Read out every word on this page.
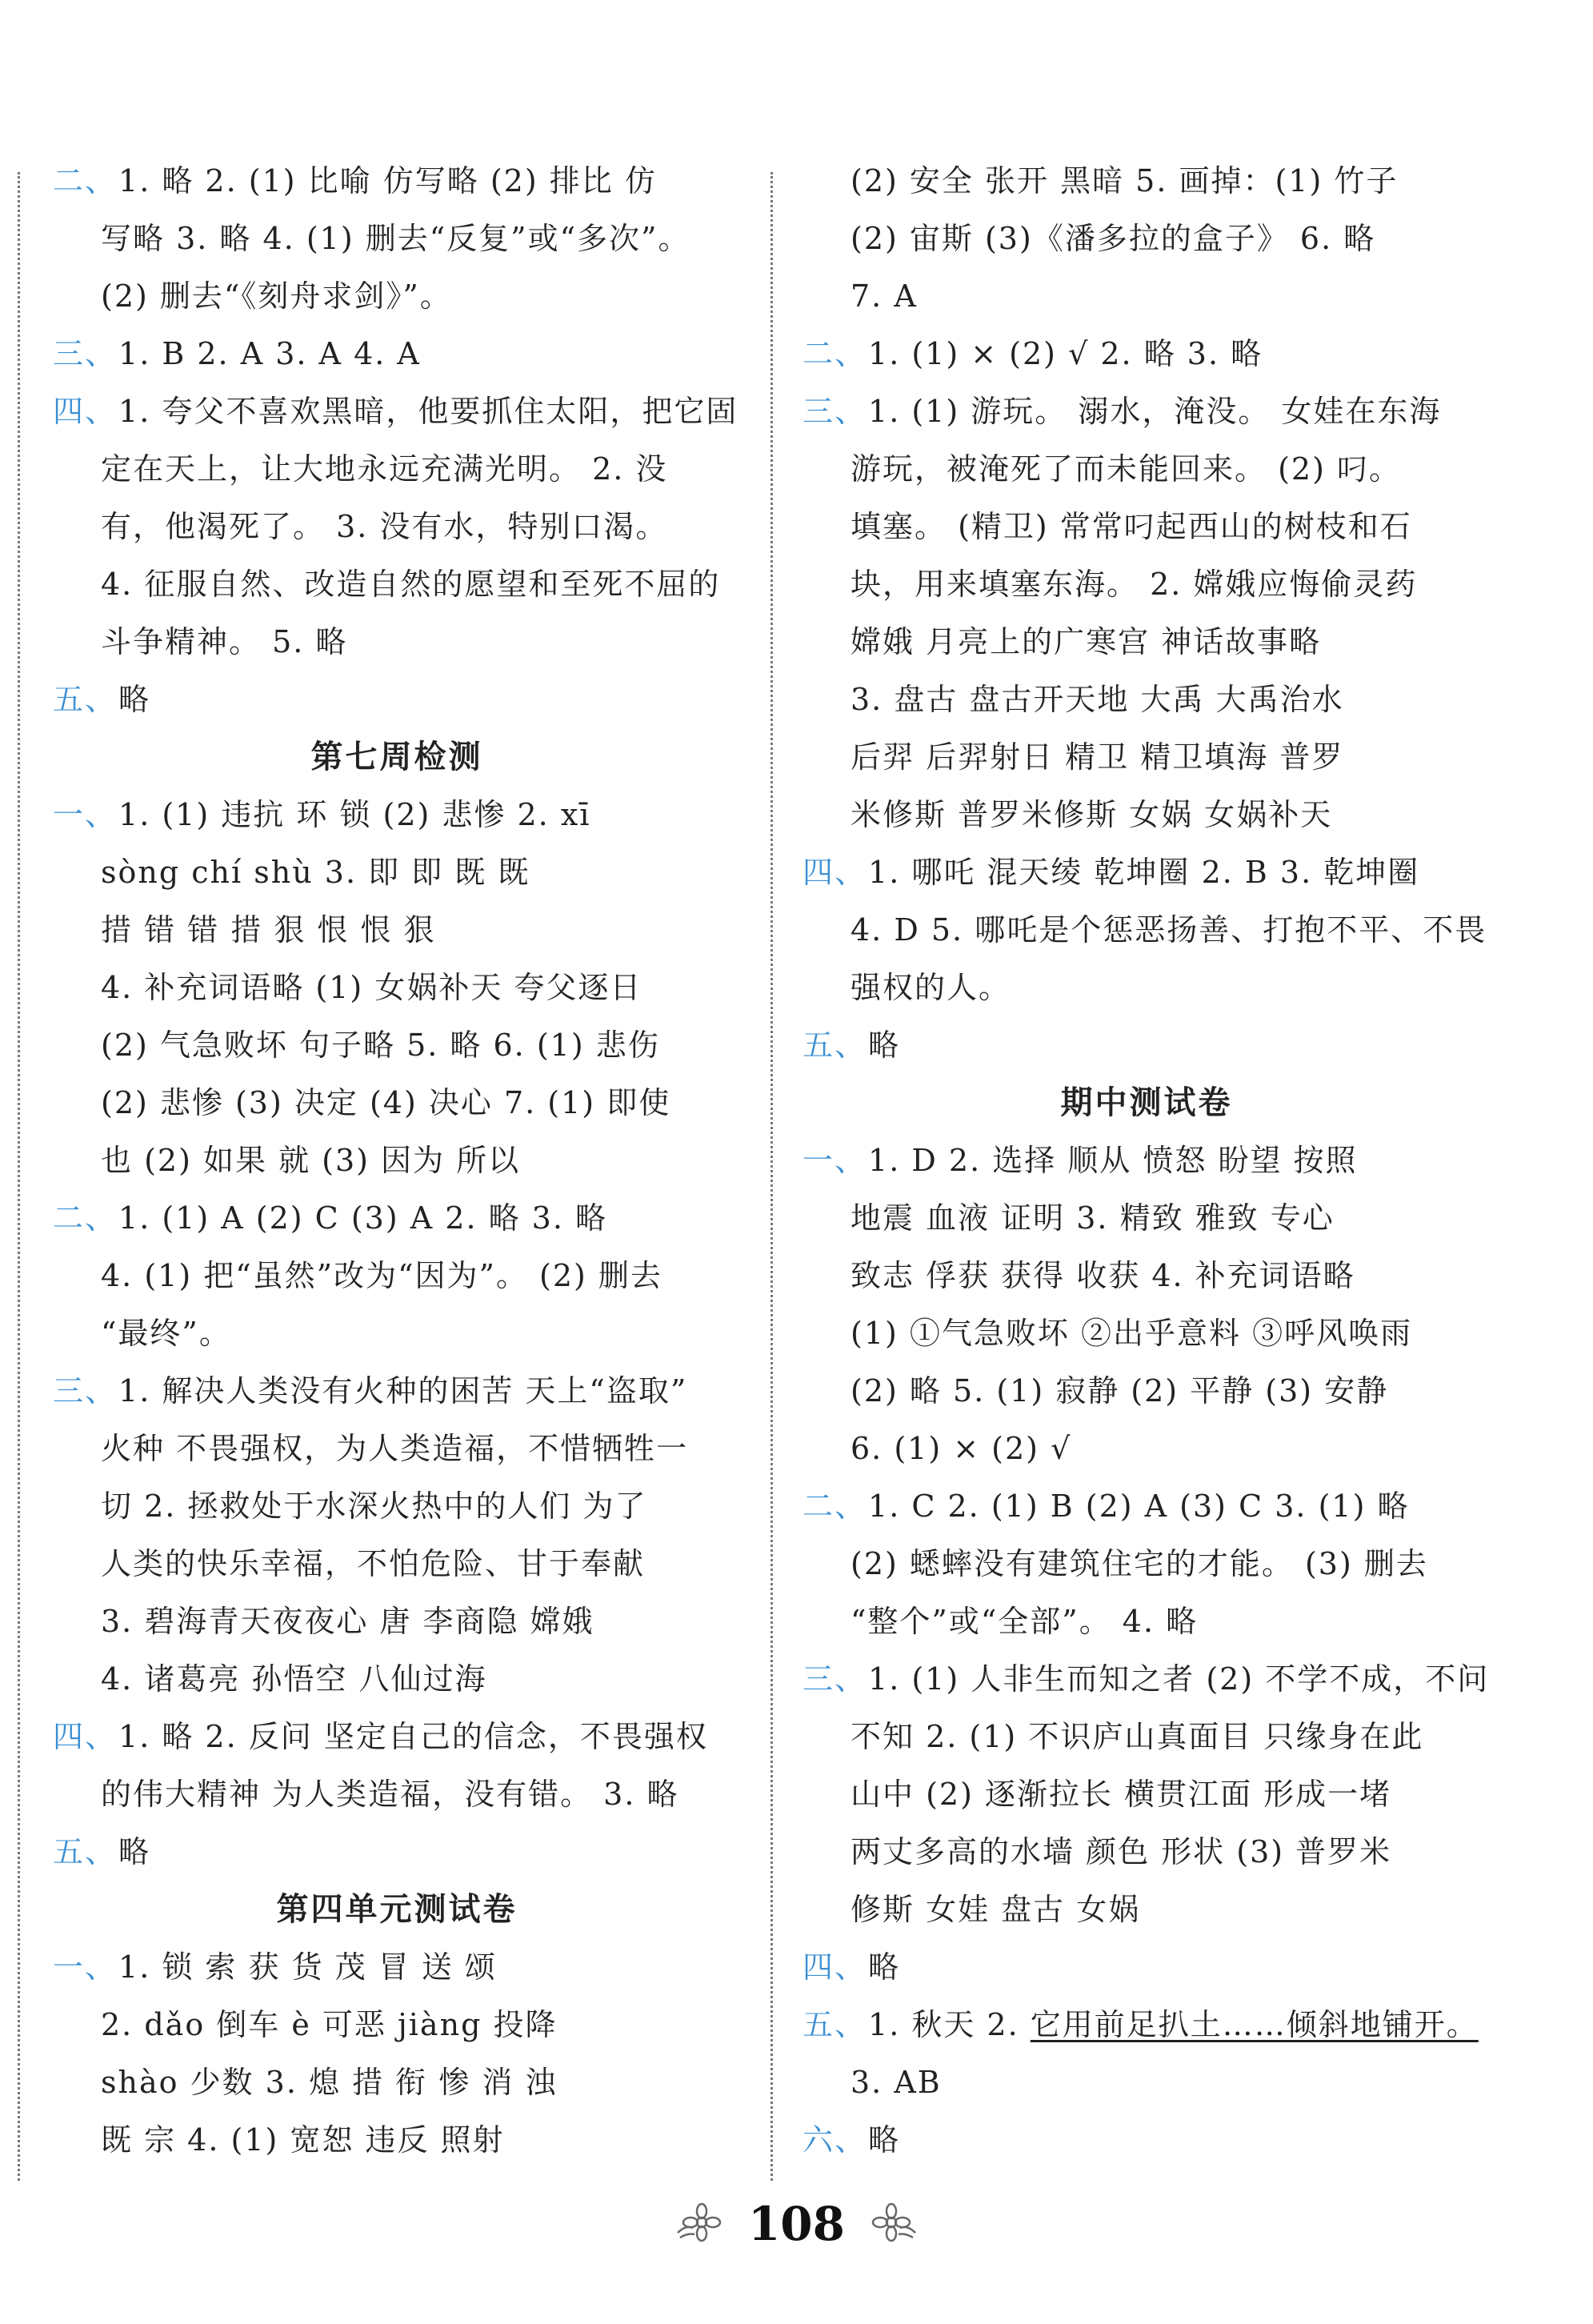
二、1. 略 2. (1) 比喻 仿写略 (2) 排比 仿
写略 3. 略 4. (1) 删去“反复”或“多次”。
(2) 删去“《刻舟求剑》”。
三、1. B 2. A 3. A 4. A
四、1. 夸父不喜欢黑暗，他要抓住太阳，把它固
定在天上，让大地永远充满光明。 2. 没
有，他渴死了。 3. 没有水，特别口渴。
4. 征服自然、改造自然的愿望和至死不屈的
斗争精神。 5. 略
五、略
第七周检测
一、1. (1) 违抗 环 锁 (2) 悲惨 2. xī
sòng chí shù 3. 即 即 既 既
措 错 错 措 狠 恨 恨 狠
4. 补充词语略 (1) 女娲补天 夸父逐日
(2) 气急败坏 句子略 5. 略 6. (1) 悲伤
(2) 悲惨 (3) 决定 (4) 决心 7. (1) 即使
也 (2) 如果 就 (3) 因为 所以
二、1. (1) A (2) C (3) A 2. 略 3. 略
4. (1) 把“虽然”改为“因为”。 (2) 删去
“最终”。
三、1. 解决人类没有火种的困苦 天上“盗取”
火种 不畏强权，为人类造福，不惜牺牲一
切 2. 拯救处于水深火热中的人们 为了
人类的快乐幸福，不怕危险、甘于奉献
3. 碧海青天夜夜心 唐 李商隐 嫦娥
4. 诸葛亮 孙悟空 八仙过海
四、1. 略 2. 反问 坚定自己的信念，不畏强权
的伟大精神 为人类造福，没有错。 3. 略
五、略
第四单元测试卷
一、1. 锁 索 获 货 茂 冒 送 颂
2. dǎo 倒车 è 可恶 jiàng 投降
shào 少数 3. 熄 措 衔 惨 消 浊
既 宗 4. (1) 宽恕 违反 照射
(2) 安全 张开 黑暗 5. 画掉：(1) 竹子
(2) 宙斯 (3)《潘多拉的盒子》 6. 略
7. A
二、1. (1) × (2) √ 2. 略 3. 略
三、1. (1) 游玩。 溺水，淹没。 女娃在东海
游玩，被淹死了而未能回来。 (2) 叼。
填塞。 (精卫) 常常叼起西山的树枝和石
块，用来填塞东海。 2. 嫦娥应悔偷灵药
嫦娥 月亮上的广寒宫 神话故事略
3. 盘古 盘古开天地 大禹 大禹治水
后羿 后羿射日 精卫 精卫填海 普罗
米修斯 普罗米修斯 女娲 女娲补天
四、1. 哪吒 混天绫 乾坤圈 2. B 3. 乾坤圈
4. D 5. 哪吒是个惩恶扬善、打抱不平、不畏
强权的人。
五、略
期中测试卷
一、1. D 2. 选择 顺从 愤怒 盼望 按照
地震 血液 证明 3. 精致 雅致 专心
致志 俘获 获得 收获 4. 补充词语略
(1) ①气急败坏 ②出乎意料 ③呼风唤雨
(2) 略 5. (1) 寂静 (2) 平静 (3) 安静
6. (1) × (2) √
二、1. C 2. (1) B (2) A (3) C 3. (1) 略
(2) 蟋蟀没有建筑住宅的才能。 (3) 删去
“整个”或“全部”。 4. 略
三、1. (1) 人非生而知之者 (2) 不学不成，不问
不知 2. (1) 不识庐山真面目 只缘身在此
山中 (2) 逐渐拉长 横贯江面 形成一堵
两丈多高的水墙 颜色 形状 (3) 普罗米
修斯 女娃 盘古 女娲
四、略
五、1. 秋天 2. 它用前足扒土……倾斜地铺开。
3. AB
六、略
108
